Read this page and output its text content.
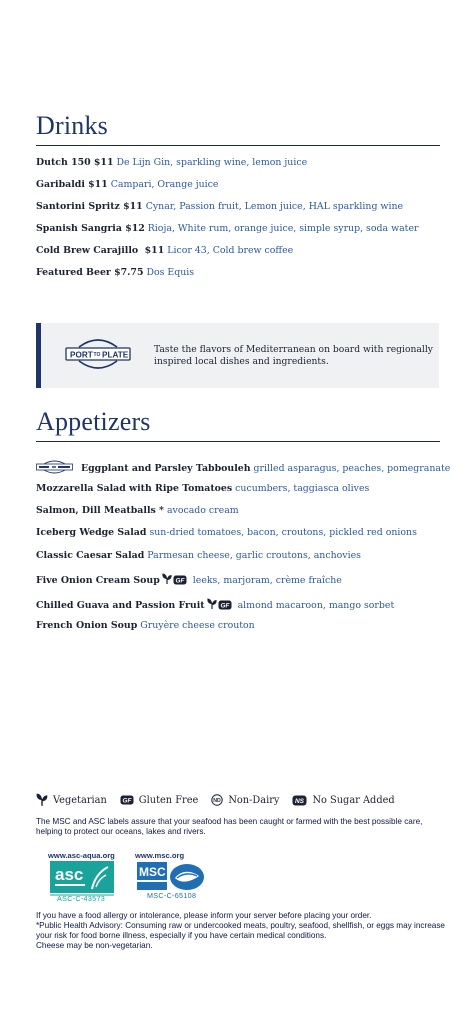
Drinks
Dutch 150 $11 De Lijn Gin, sparkling wine, lemon juice
Garibaldi $11 Campari, Orange juice
Santorini Spritz $11 Cynar, Passion fruit, Lemon juice, HAL sparkling wine
Spanish Sangria $12 Rioja, White rum, orange juice, simple syrup, soda water
Cold Brew Carajillo  $11 Licor 43, Cold brew coffee
Featured Beer $7.75 Dos Equis
PORT TO PLATE	Taste the flavors of Mediterranean on board with regionally inspired local dishes and ingredients.
Appetizers
Eggplant and Parsley Tabbouleh grilled asparagus, peaches, pomegranate
Mozzarella Salad with Ripe Tomatoes cucumbers, taggiasca olives
Salmon, Dill Meatballs * avocado cream
Iceberg Wedge Salad sun-dried tomatoes, bacon, croutons, pickled red onions
Classic Caesar Salad Parmesan cheese, garlic croutons, anchovies
Five Onion Cream Soup GF leeks, marjoram, crème fraîche
Chilled Guava and Passion Fruit GF almond macaroon, mango sorbet
French Onion Soup Gruyère cheese crouton
Vegetarian GF Gluten Free	ND Non-Dairy NS No Sugar Added
The MSC and ASC labels assure that your seafood has been caught or farmed with the best possible care, helping to protect our oceans, lakes and rivers.
www.asc-aqua.org	www.msc.org
asc
ASC-C-43573
MSC
MSC-C-65108
If you have a food allergy or intolerance, please inform your server before placing your order.
*Public Health Advisory: Consuming raw or undercooked meats, poultry, seafood, shellfish, or eggs may increase your risk for food borne illness, especially if you have certain medical conditions.
Cheese may be non-vegetarian.
